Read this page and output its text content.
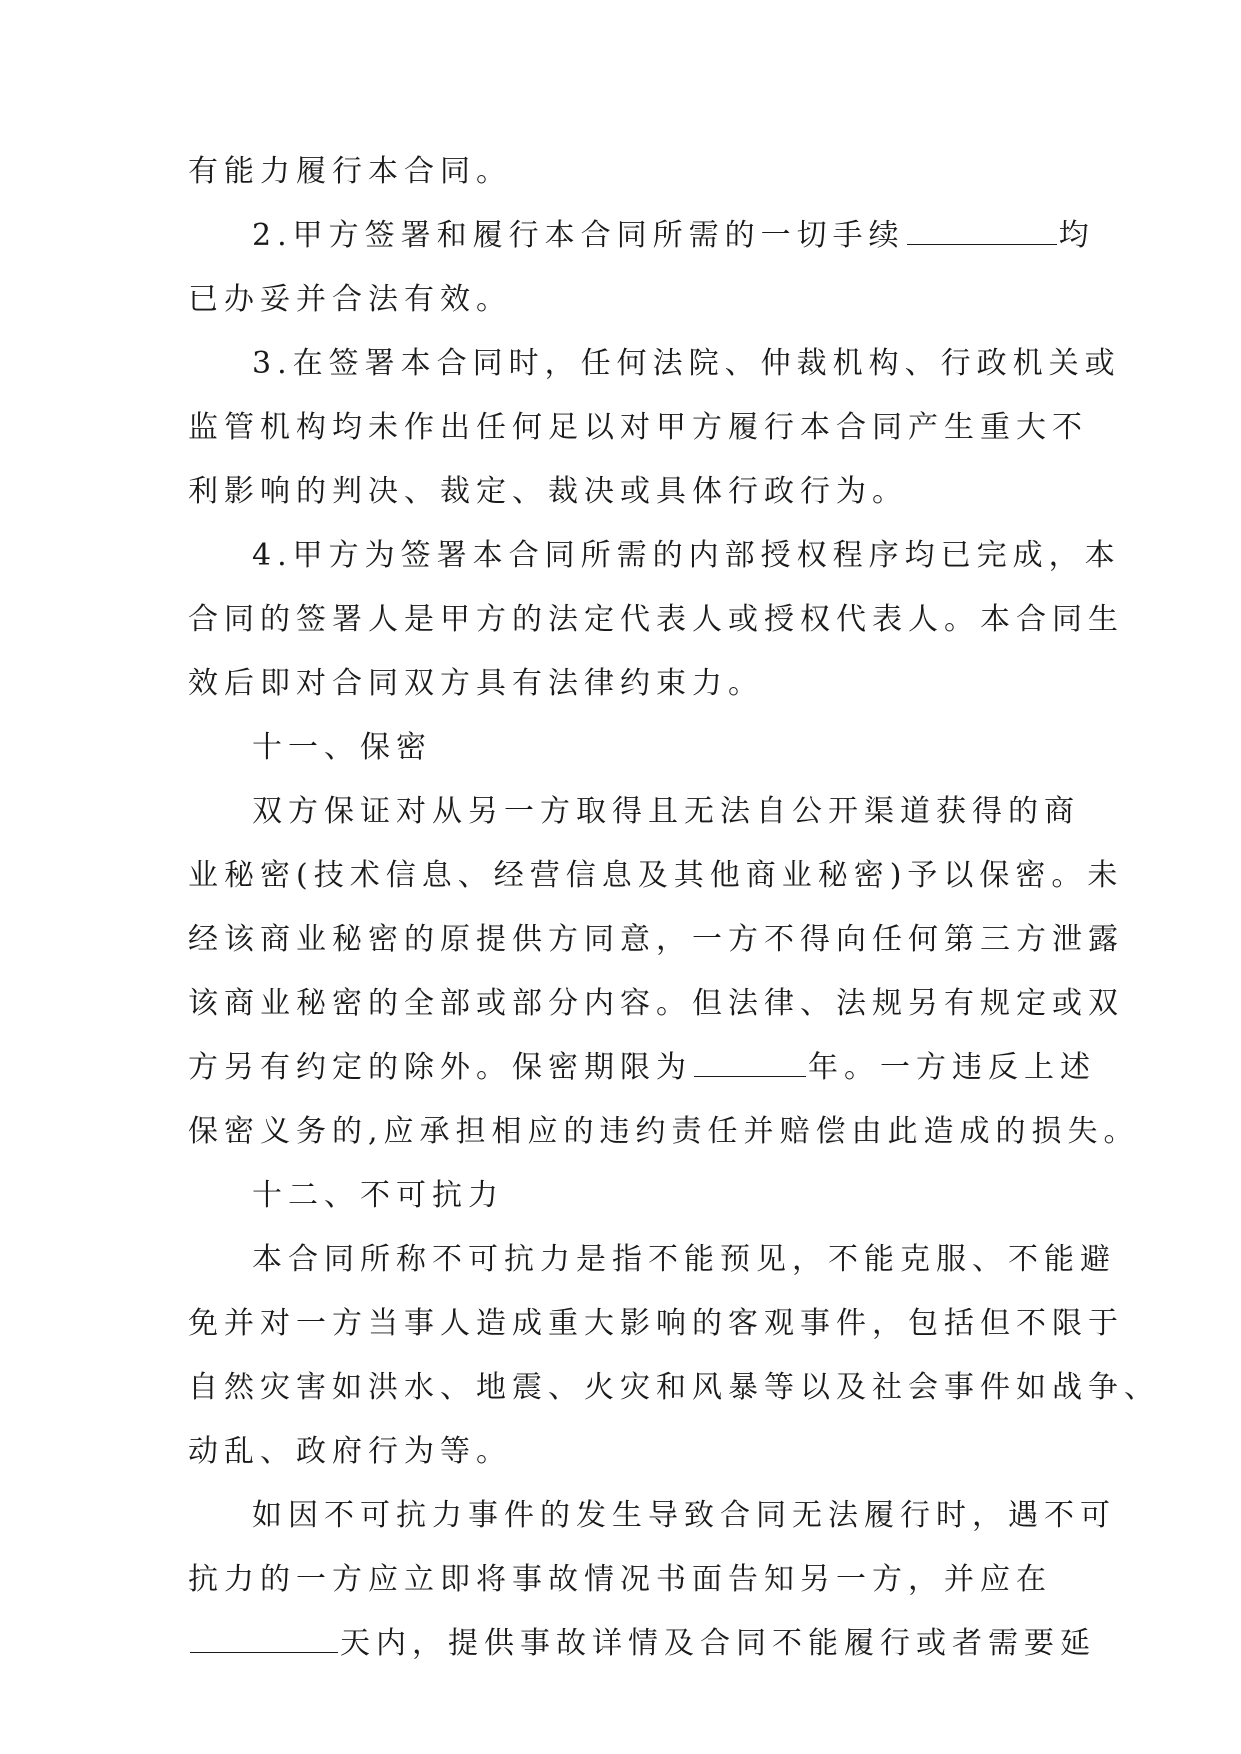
有能力履行本合同。
2.甲方签署和履行本合同所需的一切手续	均
已办妥并合法有效。
3.在签署本合同时，任何法院、仲裁机构、行政机关或
监管机构均未作出任何足以对甲方履行本合同产生重大不
利影响的判决、裁定、裁决或具体行政行为。
4.甲方为签署本合同所需的内部授权程序均已完成，本
合同的签署人是甲方的法定代表人或授权代表人。本合同生
效后即对合同双方具有法律约束力。
十一、保密
双方保证对从另一方取得且无法自公开渠道获得的商
业秘密(技术信息、经营信息及其他商业秘密)予以保密。未
经该商业秘密的原提供方同意，一方不得向任何第三方泄露
该商业秘密的全部或部分内容。但法律、法规另有规定或双
方另有约定的除外。保密期限为	年。一方违反上述
保密义务的,应承担相应的违约责任并赔偿由此造成的损失。
十二、不可抗力
本合同所称不可抗力是指不能预见，不能克服、不能避
免并对一方当事人造成重大影响的客观事件，包括但不限于
自然灾害如洪水、地震、火灾和风暴等以及社会事件如战争、
动乱、政府行为等。
如因不可抗力事件的发生导致合同无法履行时，遇不可
抗力的一方应立即将事故情况书面告知另一方，并应在
天内，提供事故详情及合同不能履行或者需要延
